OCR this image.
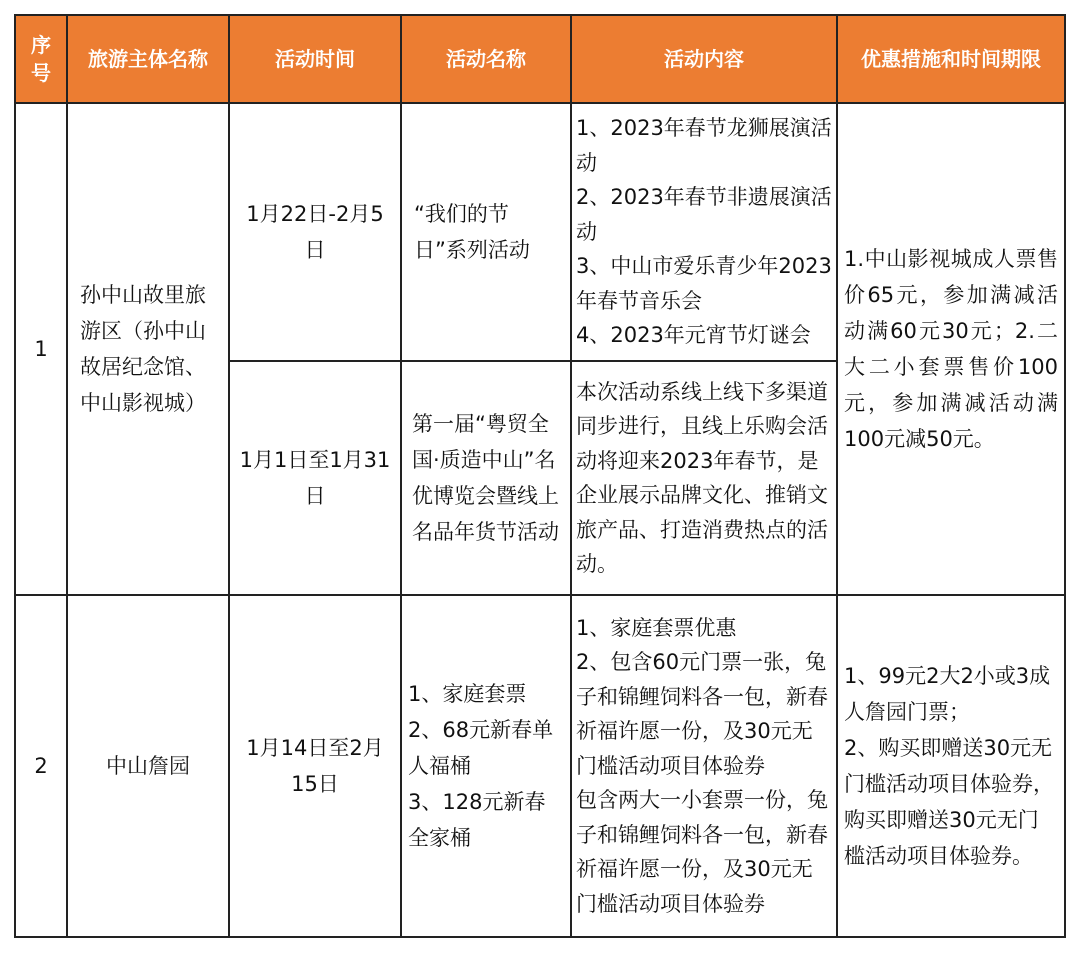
序号	旅游主体名称	活动时间	活动名称	活动内容	优惠措施和时间期限
1	孙中山故里旅游区（孙中山故居纪念馆、中山影视城）	1月22日-2月5日	“我们的节日”系列活动	1、2023年春节龙狮展演活动
2、2023年春节非遗展演活动
3、中山市爱乐青少年2023年春节音乐会
4、2023年元宵节灯谜会	1.中山影视城成人票售价65元，参加满减活动满60元30元；2.二大二小套票售价100元，参加满减活动满100元减50元。
		1月1日至1月31日	第一届“粤贸全国·质造中山”名优博览会暨线上名品年货节活动	本次活动系线上线下多渠道同步进行，且线上乐购会活动将迎来2023年春节，是企业展示品牌文化、推销文旅产品、打造消费热点的活动。	

2	中山詹园	1月14日至2月15日	1、家庭套票
2、68元新春单人福桶
3、128元新春全家桶	1、家庭套票优惠
2、包含60元门票一张，兔子和锦鲤饲料各一包，新春祈福许愿一份，及30元无门槛活动项目体验券
包含两大一小套票一份，兔子和锦鲤饲料各一包，新春祈福许愿一份，及30元无门槛活动项目体验券	1、99元2大2小或3成人詹园门票；
2、购买即赠送30元无门槛活动项目体验券，购买即赠送30元无门槛活动项目体验券。
